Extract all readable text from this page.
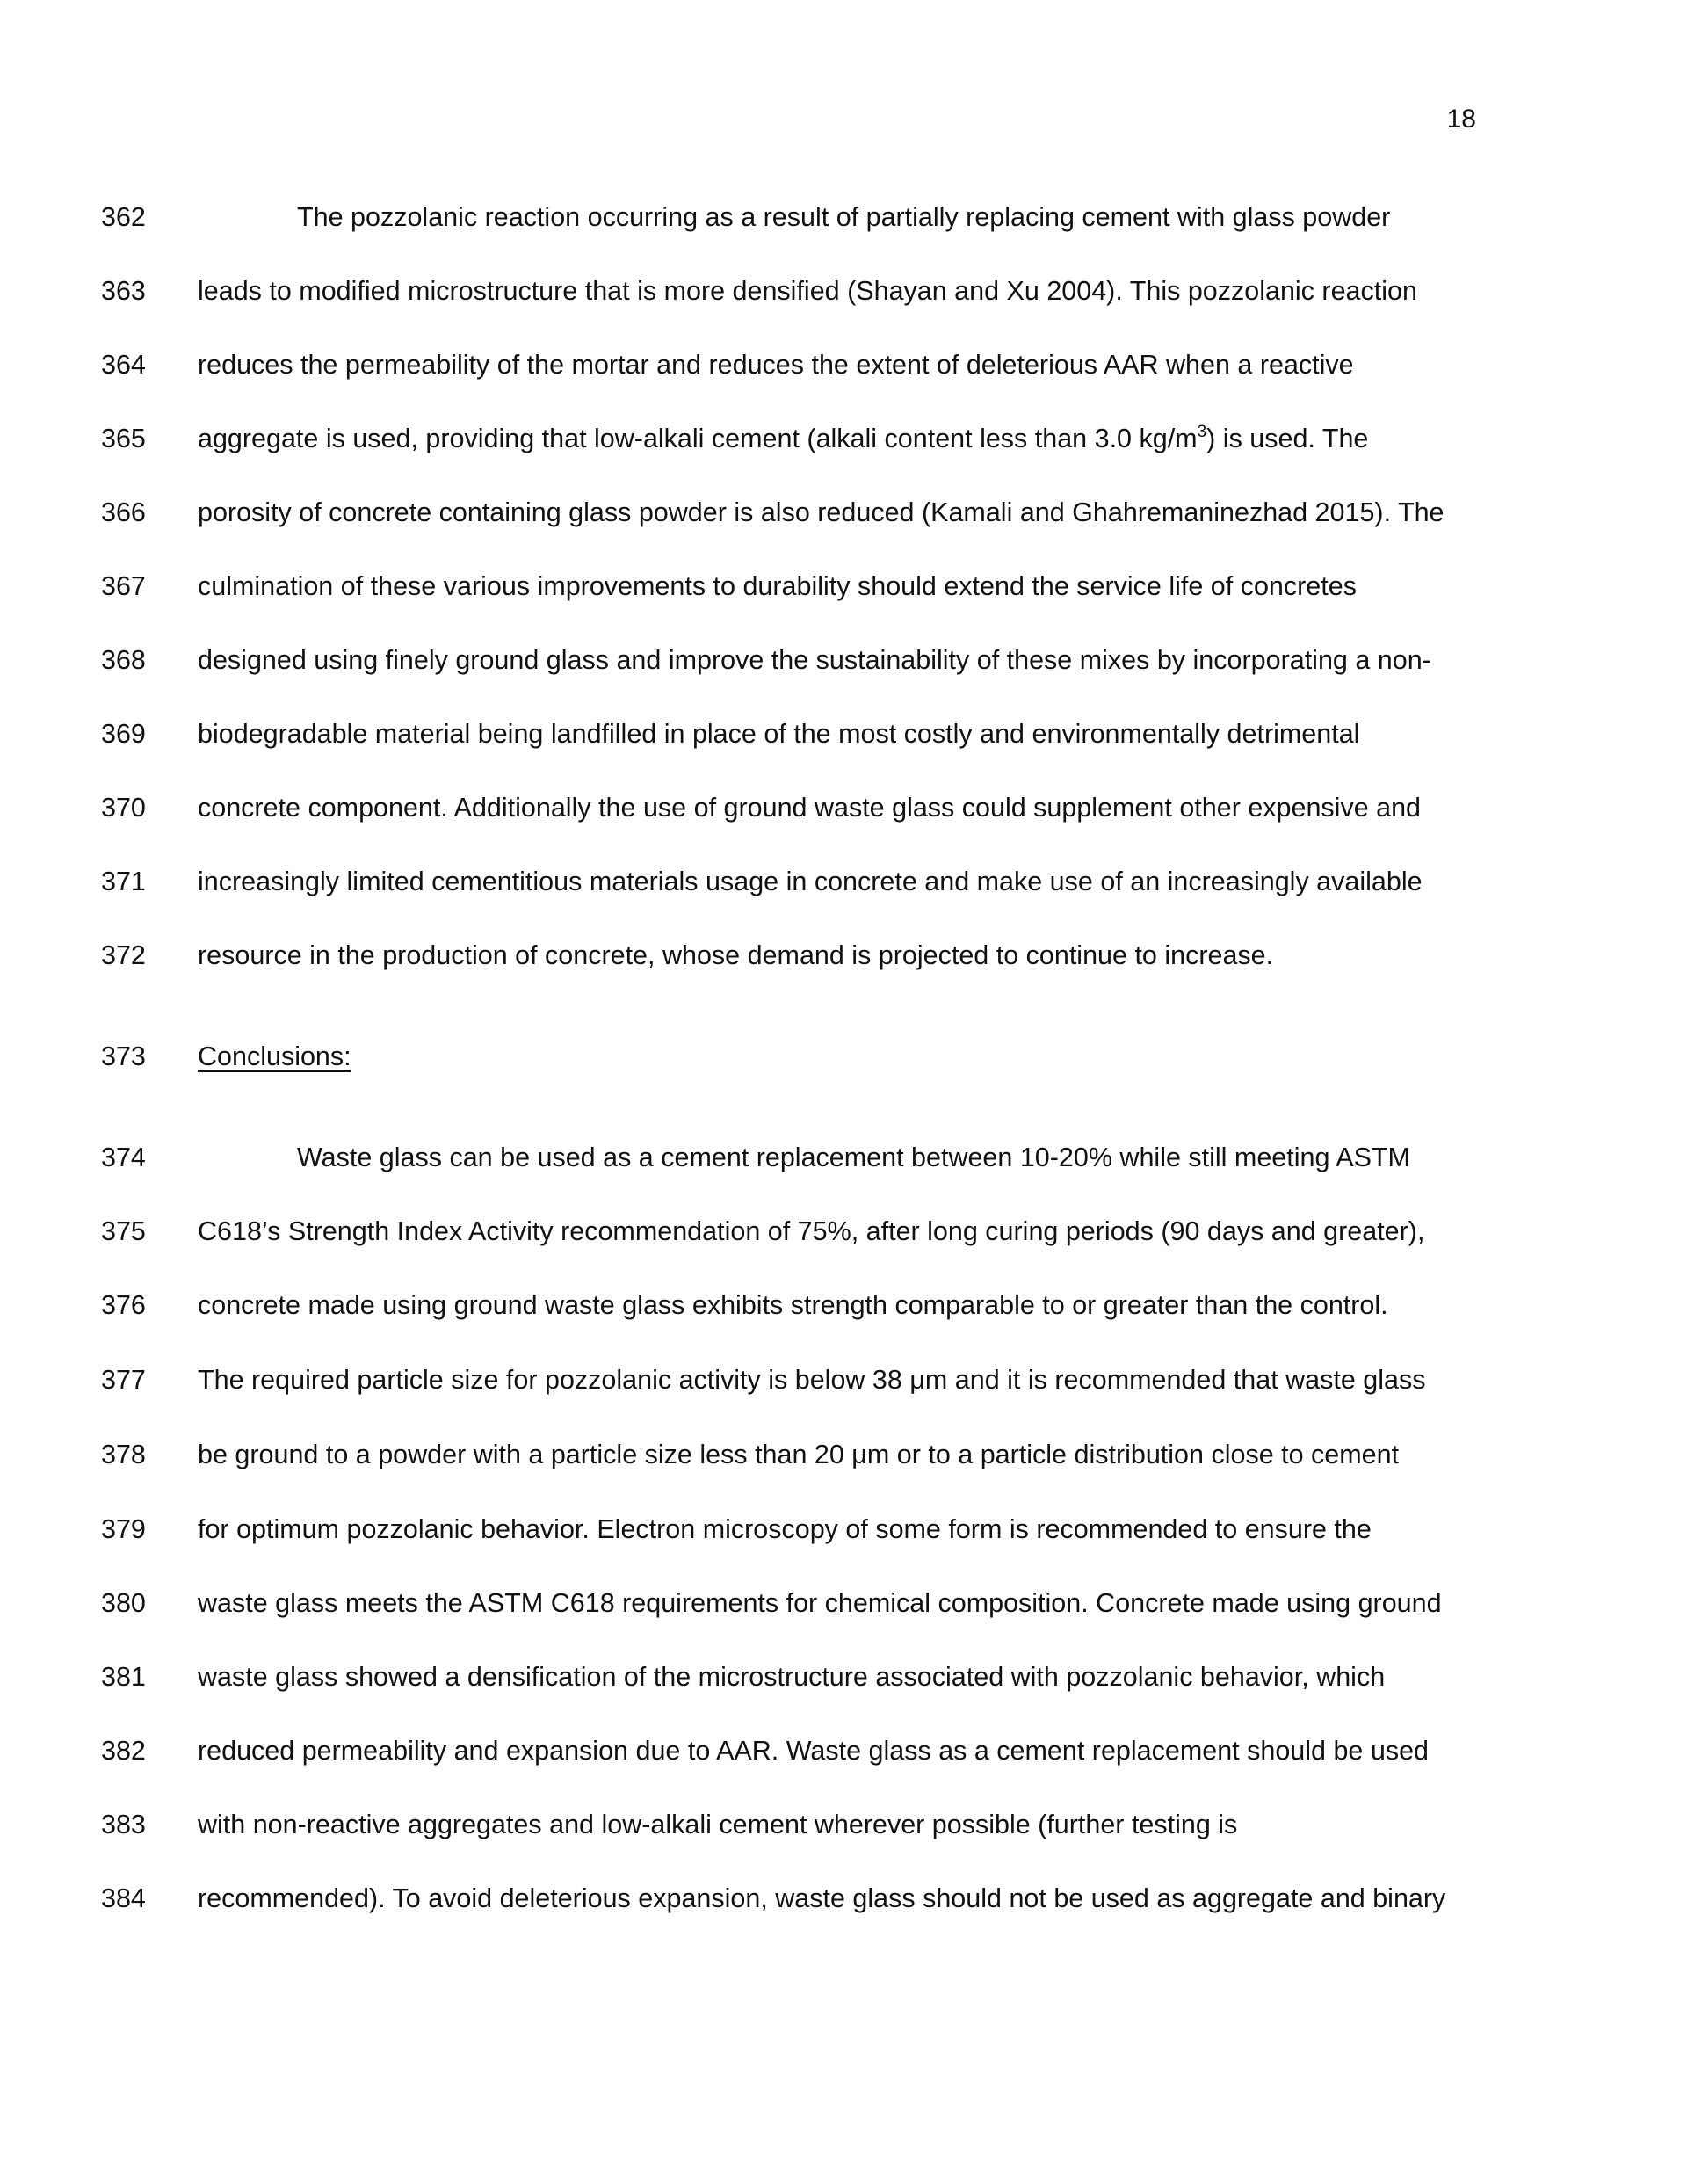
18
362	The pozzolanic reaction occurring as a result of partially replacing cement with glass powder
363	leads to modified microstructure that is more densified (Shayan and Xu 2004). This pozzolanic reaction
364	reduces the permeability of the mortar and reduces the extent of deleterious AAR when a reactive
365	aggregate is used, providing that low-alkali cement (alkali content less than 3.0 $kg/m^3$) is used. The
366	porosity of concrete containing glass powder is also reduced (Kamali and Ghahremaninezhad 2015). The
367	culmination of these various improvements to durability should extend the service life of concretes
368	designed using finely ground glass and improve the sustainability of these mixes by incorporating a non-
369	biodegradable material being landfilled in place of the most costly and environmentally detrimental
370	concrete component. Additionally the use of ground waste glass could supplement other expensive and
371	increasingly limited cementitious materials usage in concrete and make use of an increasingly available
372	resource in the production of concrete, whose demand is projected to continue to increase.
373	Conclusions:
374	Waste glass can be used as a cement replacement between 10-20% while still meeting ASTM
375	C618’s Strength Index Activity recommendation of 75%, after long curing periods (90 days and greater),
376	concrete made using ground waste glass exhibits strength comparable to or greater than the control.
377	The required particle size for pozzolanic activity is below 38 μm and it is recommended that waste glass
378	be ground to a powder with a particle size less than 20 μm or to a particle distribution close to cement
379	for optimum pozzolanic behavior. Electron microscopy of some form is recommended to ensure the
380	waste glass meets the ASTM C618 requirements for chemical composition. Concrete made using ground
381	waste glass showed a densification of the microstructure associated with pozzolanic behavior, which
382	reduced permeability and expansion due to AAR. Waste glass as a cement replacement should be used
383	with non-reactive aggregates and low-alkali cement wherever possible (further testing is
384	recommended). To avoid deleterious expansion, waste glass should not be used as aggregate and binary
